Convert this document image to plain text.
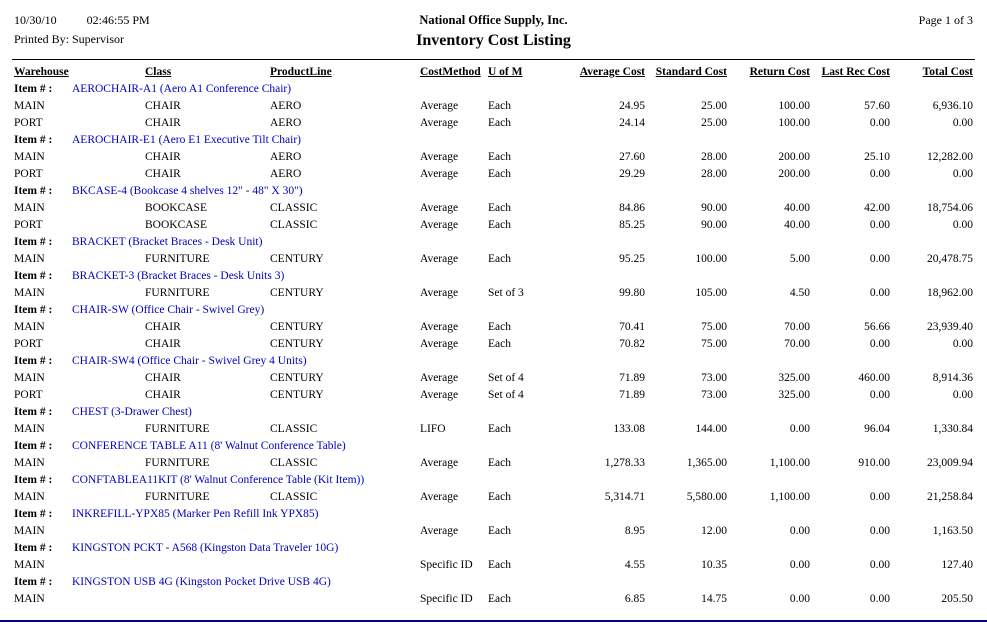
10/30/10	02:46:55 PM
Printed By: Supervisor
National Office Supply, Inc.
Inventory Cost Listing
Page 1 of 3
Warehouse	Class	ProductLine	CostMethod	U of M	Average Cost	Standard Cost	Return Cost	Last Rec Cost	Total Cost
Item # : AEROCHAIR-A1 (Aero A1 Conference Chair)									
MAIN	CHAIR	AERO	Average	Each	24.95	25.00	100.00	57.60	6,936.10
PORT	CHAIR	AERO	Average	Each	24.14	25.00	100.00	0.00	0.00
Item # : AEROCHAIR-E1 (Aero E1 Executive Tilt Chair)									
MAIN	CHAIR	AERO	Average	Each	27.60	28.00	200.00	25.10	12,282.00
PORT	CHAIR	AERO	Average	Each	29.29	28.00	200.00	0.00	0.00
Item # : BKCASE-4 (Bookcase 4 shelves 12" - 48" X 30")									
MAIN	BOOKCASE	CLASSIC	Average	Each	84.86	90.00	40.00	42.00	18,754.06
PORT	BOOKCASE	CLASSIC	Average	Each	85.25	90.00	40.00	0.00	0.00
Item # : BRACKET (Bracket Braces - Desk Unit)									
MAIN	FURNITURE	CENTURY	Average	Each	95.25	100.00	5.00	0.00	20,478.75
Item # : BRACKET-3 (Bracket Braces - Desk Units 3)									
MAIN	FURNITURE	CENTURY	Average	Set of 3	99.80	105.00	4.50	0.00	18,962.00
Item # : CHAIR-SW (Office Chair - Swivel Grey)									
MAIN	CHAIR	CENTURY	Average	Each	70.41	75.00	70.00	56.66	23,939.40
PORT	CHAIR	CENTURY	Average	Each	70.82	75.00	70.00	0.00	0.00
Item # : CHAIR-SW4 (Office Chair - Swivel Grey 4 Units)									
MAIN	CHAIR	CENTURY	Average	Set of 4	71.89	73.00	325.00	460.00	8,914.36
PORT	CHAIR	CENTURY	Average	Set of 4	71.89	73.00	325.00	0.00	0.00
Item # : CHEST (3-Drawer Chest)									
MAIN	FURNITURE	CLASSIC	LIFO	Each	133.08	144.00	0.00	96.04	1,330.84
Item # : CONFERENCE TABLE A11 (8' Walnut Conference Table)									
MAIN	FURNITURE	CLASSIC	Average	Each	1,278.33	1,365.00	1,100.00	910.00	23,009.94
Item # : CONFTABLEA11KIT (8' Walnut Conference Table (Kit Item))									
MAIN	FURNITURE	CLASSIC	Average	Each	5,314.71	5,580.00	1,100.00	0.00	21,258.84
Item # : INKREFILL-YPX85 (Marker Pen Refill Ink YPX85)									
MAIN			Average	Each	8.95	12.00	0.00	0.00	1,163.50
Item # : KINGSTON PCKT - A568 (Kingston Data Traveler 10G)									
MAIN			Specific ID	Each	4.55	10.35	0.00	0.00	127.40
Item # : KINGSTON USB 4G (Kingston Pocket Drive USB 4G)									
MAIN			Specific ID	Each	6.85	14.75	0.00	0.00	205.50
